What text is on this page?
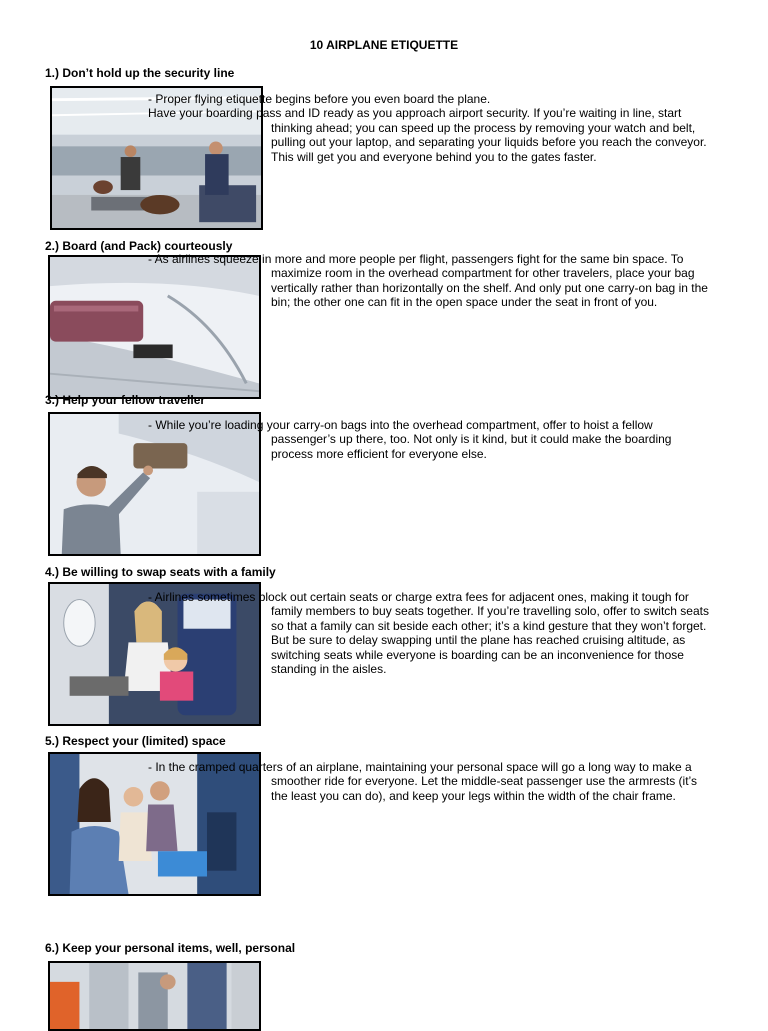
10 AIRPLANE ETIQUETTE
1.) Don’t hold up the security line
- Proper flying etiquette begins before you even board the plane.
Have your boarding pass and ID ready as you approach airport security. If you’re waiting in line, start
thinking ahead; you can speed up the process by removing your watch and belt,
pulling out your laptop, and separating your liquids before you reach the conveyor.
This will get you and everyone behind you to the gates faster.
2.) Board (and Pack) courteously
- As airlines squeeze in more and more people per flight, passengers fight for the same bin space. To
maximize room in the overhead compartment for other travelers, place your bag
vertically rather than horizontally on the shelf. And only put one carry-on bag in the
bin; the other one can fit in the open space under the seat in front of you.
3.) Help your fellow traveller
- While you’re loading your carry-on bags into the overhead compartment, offer to hoist a fellow
passenger’s up there, too. Not only is it kind, but it could make the boarding
process more efficient for everyone else.
4.) Be willing to swap seats with a family
- Airlines sometimes block out certain seats or charge extra fees for adjacent ones, making it tough for
family members to buy seats together. If you’re travelling solo, offer to switch seats
so that a family can sit beside each other; it’s a kind gesture that they won’t forget.
But be sure to delay swapping until the plane has reached cruising altitude, as
switching seats while everyone is boarding can be an inconvenience for those
standing in the aisles.
5.) Respect your (limited) space
- In the cramped quarters of an airplane, maintaining your personal space will go a long way to make a
smoother ride for everyone. Let the middle-seat passenger use the armrests (it’s
the least you can do), and keep your legs within the width of the chair frame.
6.) Keep your personal items, well, personal
